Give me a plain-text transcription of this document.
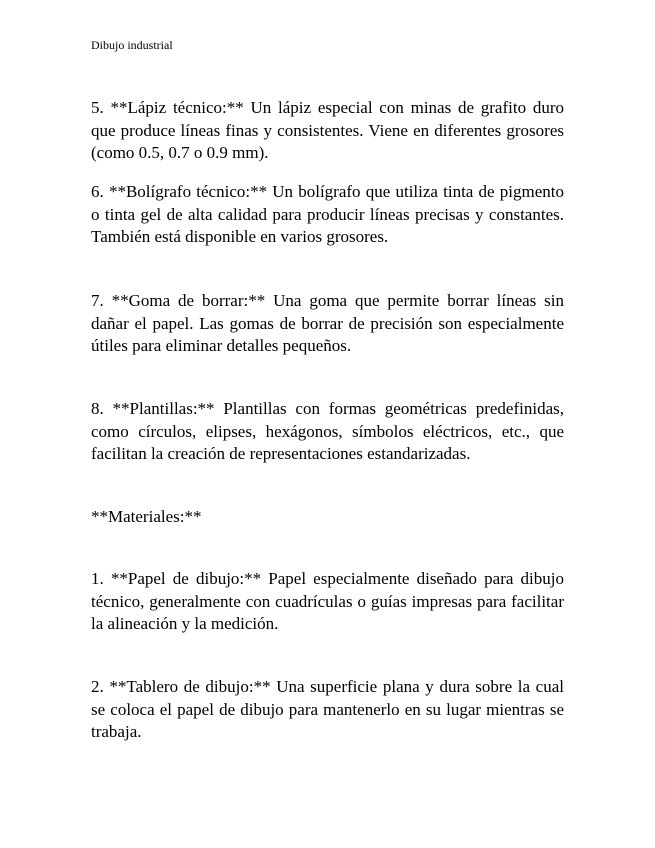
Dibujo industrial

5. **Lápiz técnico:** Un lápiz especial con minas de grafito duro que produce líneas finas y consistentes. Viene en diferentes grosores (como 0.5, 0.7 o 0.9 mm).

6. **Bolígrafo técnico:** Un bolígrafo que utiliza tinta de pigmento o tinta gel de alta calidad para producir líneas precisas y constantes. También está disponible en varios grosores.

7. **Goma de borrar:** Una goma que permite borrar líneas sin dañar el papel. Las gomas de borrar de precisión son especialmente útiles para eliminar detalles pequeños.

8. **Plantillas:** Plantillas con formas geométricas predefinidas, como círculos, elipses, hexágonos, símbolos eléctricos, etc., que facilitan la creación de representaciones estandarizadas.

**Materiales:**

1. **Papel de dibujo:** Papel especialmente diseñado para dibujo técnico, generalmente con cuadrículas o guías impresas para facilitar la alineación y la medición.

2. **Tablero de dibujo:** Una superficie plana y dura sobre la cual se coloca el papel de dibujo para mantenerlo en su lugar mientras se trabaja.
